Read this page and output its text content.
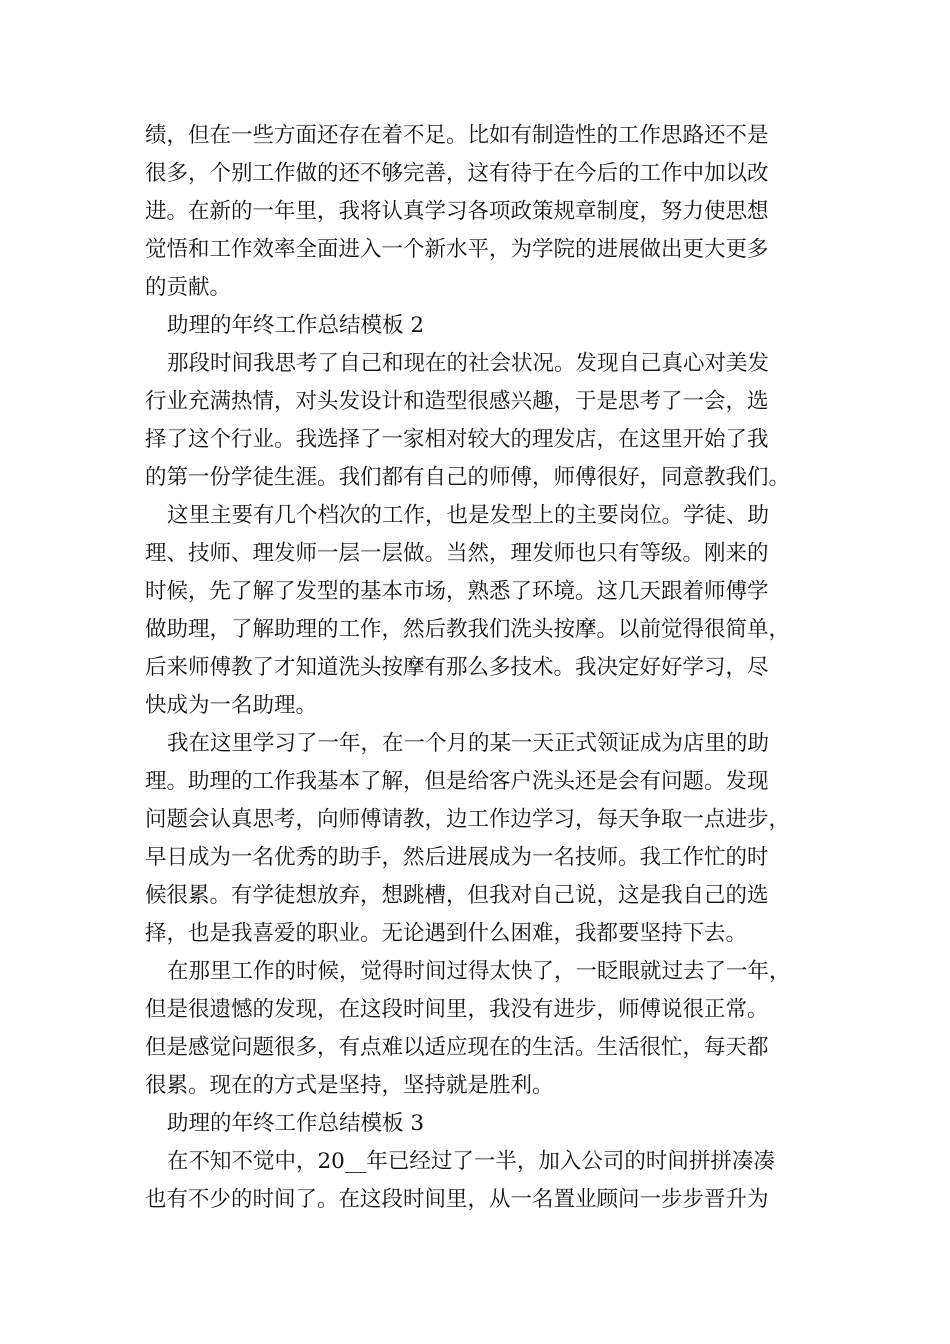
绩，但在一些方面还存在着不足。比如有制造性的工作思路还不是
很多，个别工作做的还不够完善，这有待于在今后的工作中加以改
进。在新的一年里，我将认真学习各项政策规章制度，努力使思想
觉悟和工作效率全面进入一个新水平，为学院的进展做出更大更多
的贡献。
助理的年终工作总结模板 2
那段时间我思考了自己和现在的社会状况。发现自己真心对美发
行业充满热情，对头发设计和造型很感兴趣，于是思考了一会，选
择了这个行业。我选择了一家相对较大的理发店，在这里开始了我
的第一份学徒生涯。我们都有自己的师傅，师傅很好，同意教我们。
这里主要有几个档次的工作，也是发型上的主要岗位。学徒、助
理、技师、理发师一层一层做。当然，理发师也只有等级。刚来的
时候，先了解了发型的基本市场，熟悉了环境。这几天跟着师傅学
做助理，了解助理的工作，然后教我们洗头按摩。以前觉得很简单，
后来师傅教了才知道洗头按摩有那么多技术。我决定好好学习，尽
快成为一名助理。
我在这里学习了一年，在一个月的某一天正式领证成为店里的助
理。助理的工作我基本了解，但是给客户洗头还是会有问题。发现
问题会认真思考，向师傅请教，边工作边学习，每天争取一点进步，
早日成为一名优秀的助手，然后进展成为一名技师。我工作忙的时
候很累。有学徒想放弃，想跳槽，但我对自己说，这是我自己的选
择，也是我喜爱的职业。无论遇到什么困难，我都要坚持下去。
在那里工作的时候，觉得时间过得太快了，一眨眼就过去了一年，
但是很遗憾的发现，在这段时间里，我没有进步，师傅说很正常。
但是感觉问题很多，有点难以适应现在的生活。生活很忙，每天都
很累。现在的方式是坚持，坚持就是胜利。
助理的年终工作总结模板 3
在不知不觉中，20__年已经过了一半，加入公司的时间拼拼凑凑
也有不少的时间了。在这段时间里，从一名置业顾问一步步晋升为
